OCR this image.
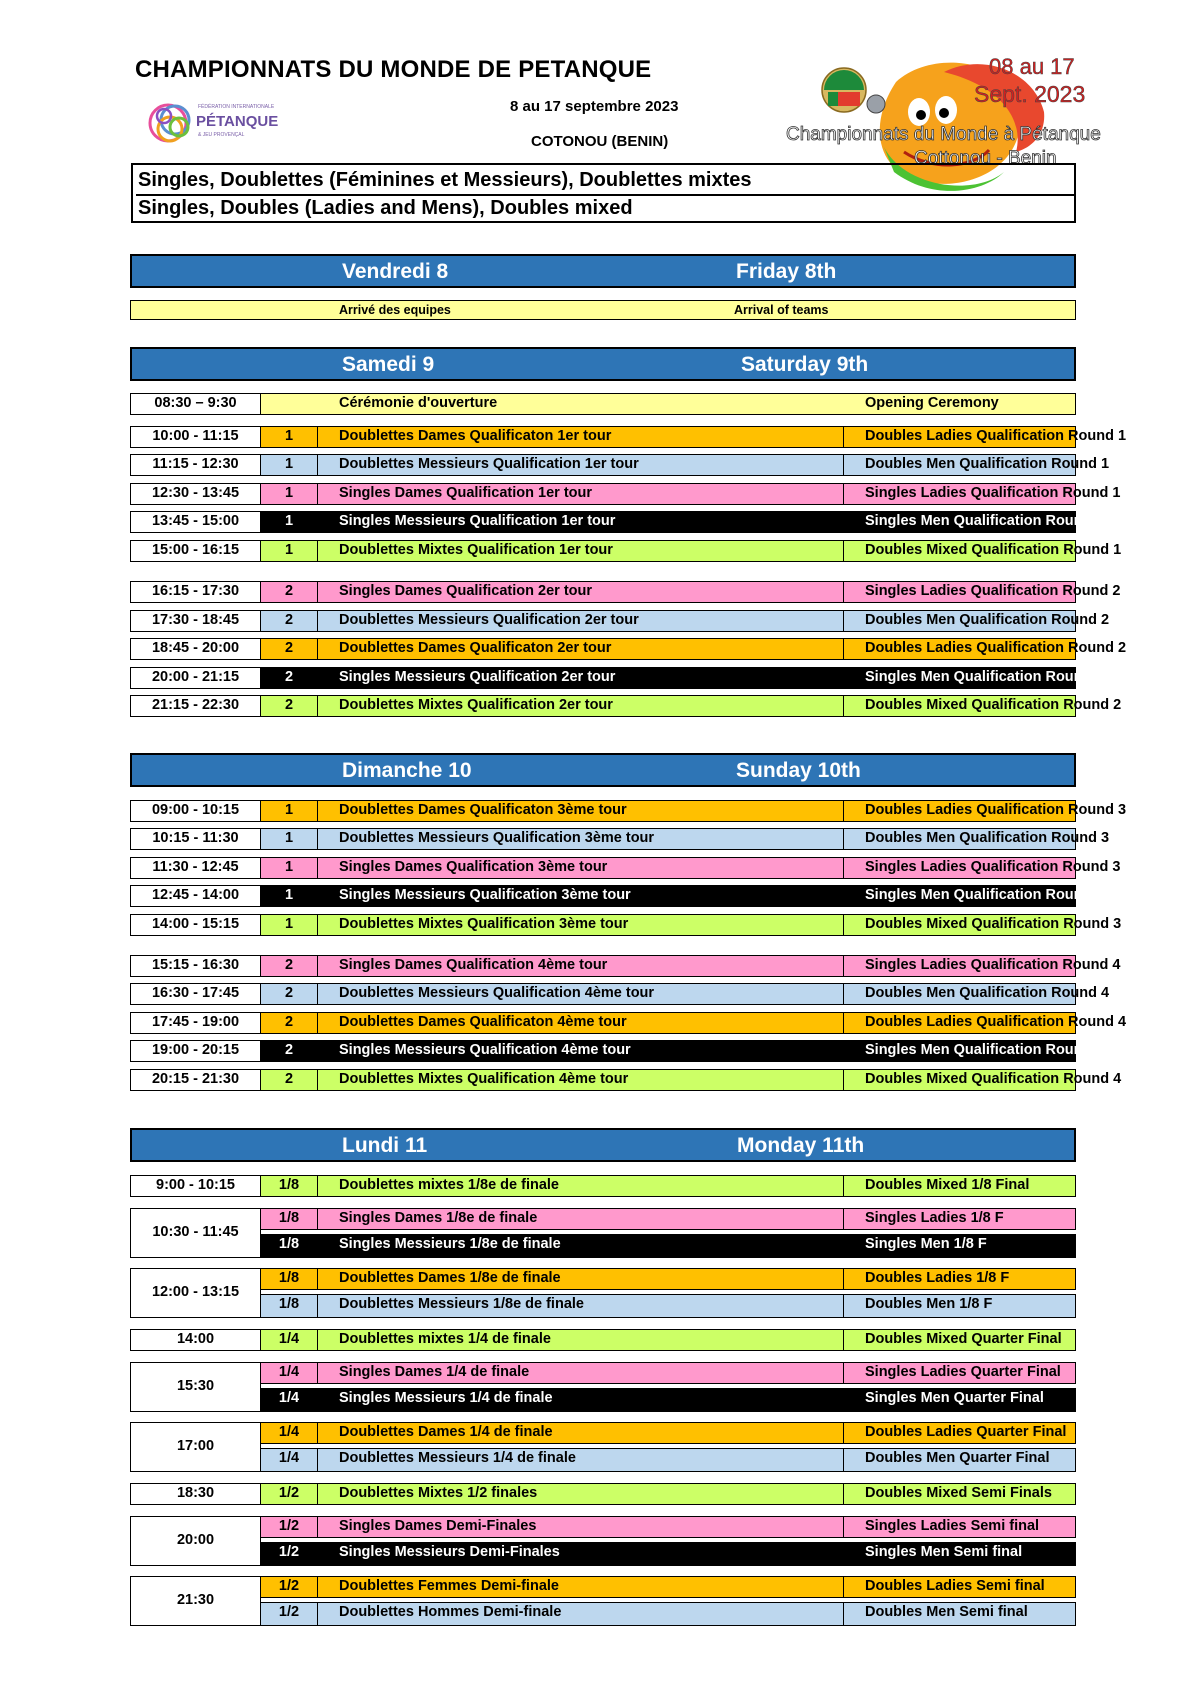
CHAMPIONNATS DU MONDE DE PETANQUE
8 au 17 septembre 2023
COTONOU (BENIN)
FÉDÉRATION INTERNATIONALE
PÉTANQUE
& JEU PROVENÇAL
08 au 17
Sept. 2023
Championnats du Monde à Pétanque
Cottonou - Benin
Singles, Doublettes (Féminines et Messieurs), Doublettes mixtes
Singles, Doubles (Ladies and Mens), Doubles mixed
Vendredi 8	Friday 8th
Arrivé des equipes	Arrival of teams
Samedi 9	Saturday 9th
08:30 – 9:30	Cérémonie d'ouverture	Opening Ceremony
10:00 - 11:15	1	Doublettes Dames Qualificaton 1er tour	Doubles Ladies Qualification Round 1
11:15 - 12:30	1	Doublettes Messieurs Qualification 1er tour	Doubles Men Qualification Round 1
12:30 - 13:45	1	Singles Dames Qualification 1er tour	Singles Ladies Qualification Round 1
13:45 - 15:00	1	Singles Messieurs Qualification 1er tour	Singles Men Qualification Round 1
15:00 - 16:15	1	Doublettes Mixtes Qualification 1er tour	Doubles Mixed Qualification Round 1
16:15 - 17:30	2	Singles Dames Qualification 2er tour	Singles Ladies Qualification Round 2
17:30 - 18:45	2	Doublettes Messieurs Qualification 2er tour	Doubles Men Qualification Round 2
18:45 - 20:00	2	Doublettes Dames Qualificaton 2er tour	Doubles Ladies Qualification Round 2
20:00 - 21:15	2	Singles Messieurs Qualification 2er tour	Singles Men Qualification Round 2
21:15 - 22:30	2	Doublettes Mixtes Qualification 2er tour	Doubles Mixed Qualification Round 2
Dimanche 10	Sunday 10th
09:00 - 10:15	1	Doublettes Dames Qualificaton 3ème tour	Doubles Ladies Qualification Round 3
10:15 - 11:30	1	Doublettes Messieurs Qualification 3ème tour	Doubles Men Qualification Round 3
11:30 - 12:45	1	Singles Dames Qualification 3ème tour	Singles Ladies Qualification Round 3
12:45 - 14:00	1	Singles Messieurs Qualification 3ème tour	Singles Men Qualification Round 3
14:00 - 15:15	1	Doublettes Mixtes Qualification 3ème tour	Doubles Mixed Qualification Round 3
15:15 - 16:30	2	Singles Dames Qualification 4ème tour	Singles Ladies Qualification Round 4
16:30 - 17:45	2	Doublettes Messieurs Qualification 4ème tour	Doubles Men Qualification Round 4
17:45 - 19:00	2	Doublettes Dames Qualificaton 4ème tour	Doubles Ladies Qualification Round 4
19:00 - 20:15	2	Singles Messieurs Qualification 4ème tour	Singles Men Qualification Round 4
20:15 - 21:30	2	Doublettes Mixtes Qualification 4ème tour	Doubles Mixed Qualification Round 4
Lundi 11	Monday 11th
9:00 - 10:15	1/8	Doublettes mixtes 1/8e de finale	Doubles Mixed 1/8 Final
10:30 - 11:45
1/8	Singles Dames 1/8e de finale	Singles Ladies 1/8 F
1/8	Singles Messieurs 1/8e de finale	Singles Men 1/8 F
12:00 - 13:15
1/8	Doublettes Dames 1/8e de finale	Doubles Ladies 1/8 F
1/8	Doublettes Messieurs 1/8e de finale	Doubles Men 1/8 F
14:00	1/4	Doublettes mixtes 1/4 de finale	Doubles Mixed Quarter Final
15:30
1/4	Singles Dames 1/4 de finale	Singles Ladies Quarter Final
1/4	Singles Messieurs 1/4 de finale	Singles Men Quarter Final
17:00
1/4	Doublettes Dames 1/4 de finale	Doubles Ladies Quarter Final
1/4	Doublettes Messieurs 1/4 de finale	Doubles Men Quarter Final
18:30	1/2	Doublettes Mixtes 1/2 finales	Doubles Mixed Semi Finals
20:00
1/2	Singles Dames Demi-Finales	Singles Ladies Semi final
1/2	Singles Messieurs Demi-Finales	Singles Men Semi final
21:30
1/2	Doublettes Femmes Demi-finale	Doubles Ladies Semi final
1/2	Doublettes Hommes Demi-finale	Doubles Men Semi final
